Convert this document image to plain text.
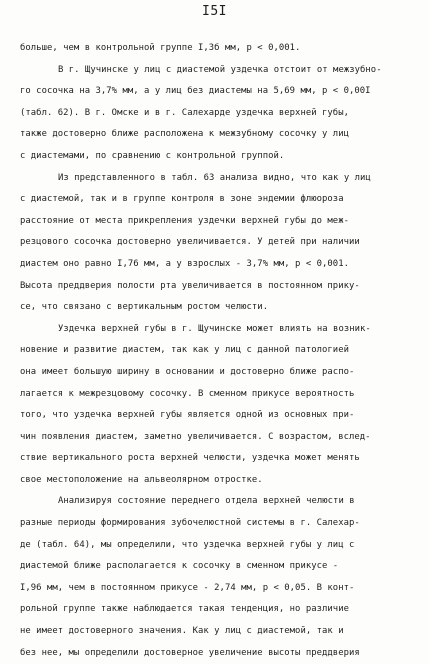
I5I
больше, чем в контрольной группе I,3б мм, р < 0,001.
В г. Щучинске у лиц с диастемой уздечка отстоит от межзубно-
го сосочка на 3,7% мм, а у лиц без диастемы на 5,69 мм, р < 0,00I
(табл. 62). В г. Омске и в г. Салехарде уздечка верхней губы,
также достоверно ближе расположена к межзубному сосочку у лиц
с диастемами, по сравнению с контрольной группой.
Из представленного в табл. 63 анализа видно, что как у лиц
с диастемой, так и в группе контроля в зоне эндемии флюороза
расстояние от места прикрепления уздечки верхней губы до меж-
резцового сосочка достоверно увеличивается. У детей при наличии
диастем оно равно I,76 мм, а у взрослых - 3,7% мм, р < 0,001.
Высота преддверия полости рта увеличивается в постоянном прику-
се, что связано с вертикальным ростом челюсти.
Уздечка верхней губы в г. Щучинске может влиять на возник-
новение и развитие диастем, так как у лиц с данной патологией
она имеет большую ширину в основании и достоверно ближе распо-
лагается к межрезцовому сосочку. В сменном прикусе вероятность
того, что уздечка верхней губы является одной из основных при-
чин появления диастем, заметно увеличивается. С возрастом, вслед-
ствие вертикального роста верхней челюсти, уздечка может менять
свое местоположение на альвеолярном отростке.
Анализируя состояние переднего отдела верхней челюсти в
разные периоды формирования зубочелюстной системы в г. Салехар-
де (табл. 64), мы определили, что уздечка верхней губы у лиц с
диастемой ближе располагается к сосочку в сменном прикусе -
I,96 мм, чем в постоянном прикусе - 2,74 мм, р < 0,05. В конт-
рольной группе также наблюдается такая тенденция, но различие
не имеет достоверного значения. Как у лиц с диастемой, так и
без нее, мы определили достоверное увеличение высоты преддверия
